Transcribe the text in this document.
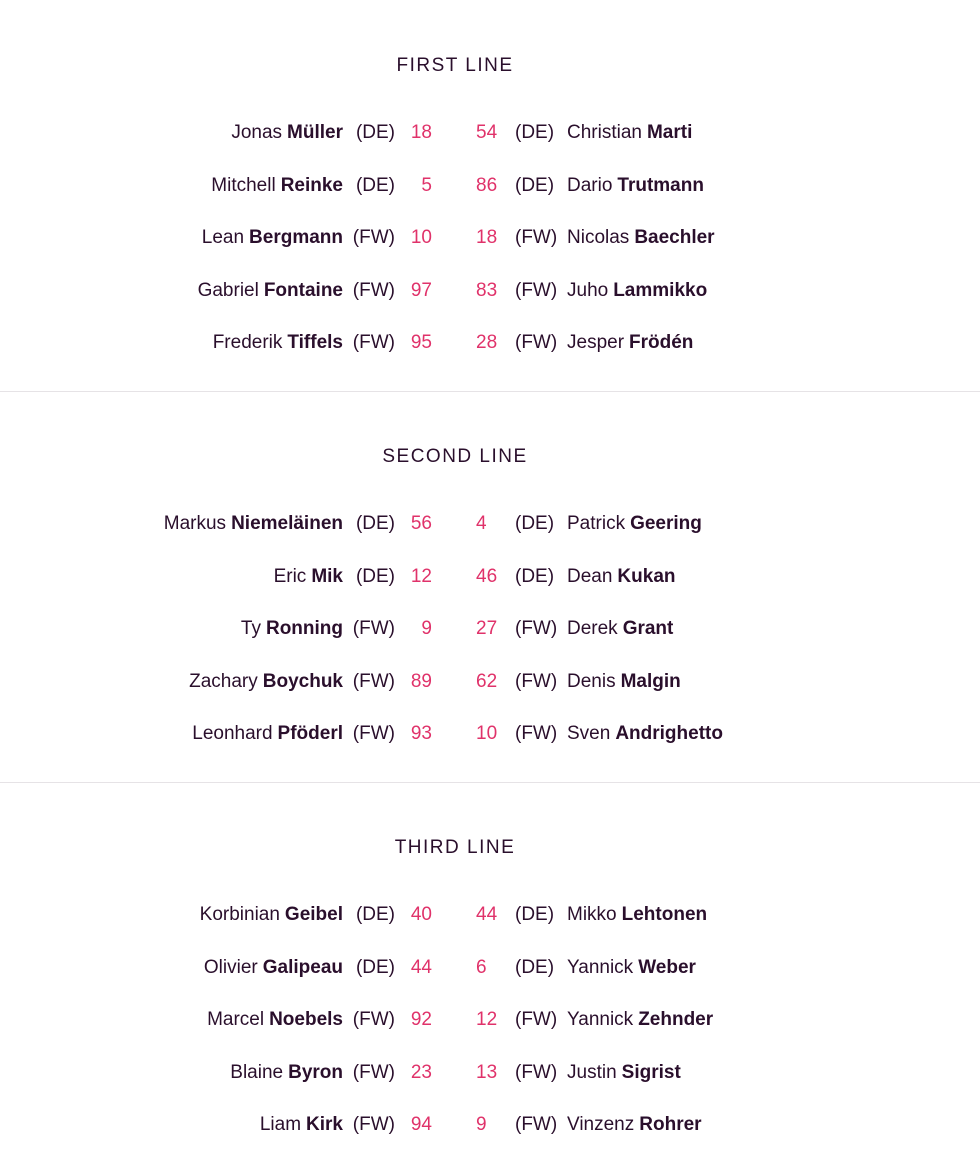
FIRST LINE
Jonas Müller (DE) 18 54 (DE) Christian Marti
Mitchell Reinke (DE)	5 86 (DE) Dario Trutmann
Lean Bergmann (FW) 10 18 (FW) Nicolas Baechler
Gabriel Fontaine (FW) 97 83 (FW) Juho Lammikko
Frederik Tiffels (FW) 95 28 (FW) Jesper Frödén
SECOND LINE
Markus Niemeläinen (DE) 56 4	(DE) Patrick Geering
Eric Mik (DE) 12 46 (DE) Dean Kukan
Ty Ronning (FW)	9 27 (FW) Derek Grant
Zachary Boychuk (FW) 89 62 (FW) Denis Malgin
Leonhard Pföderl (FW) 93 10 (FW) Sven Andrighetto
THIRD LINE
Korbinian Geibel (DE) 40 44 (DE) Mikko Lehtonen
Olivier Galipeau (DE) 44 6	(DE) Yannick Weber
Marcel Noebels (FW) 92 12 (FW) Yannick Zehnder
Blaine Byron (FW) 23 13 (FW) Justin Sigrist
Liam Kirk (FW) 94 9	(FW) Vinzenz Rohrer
